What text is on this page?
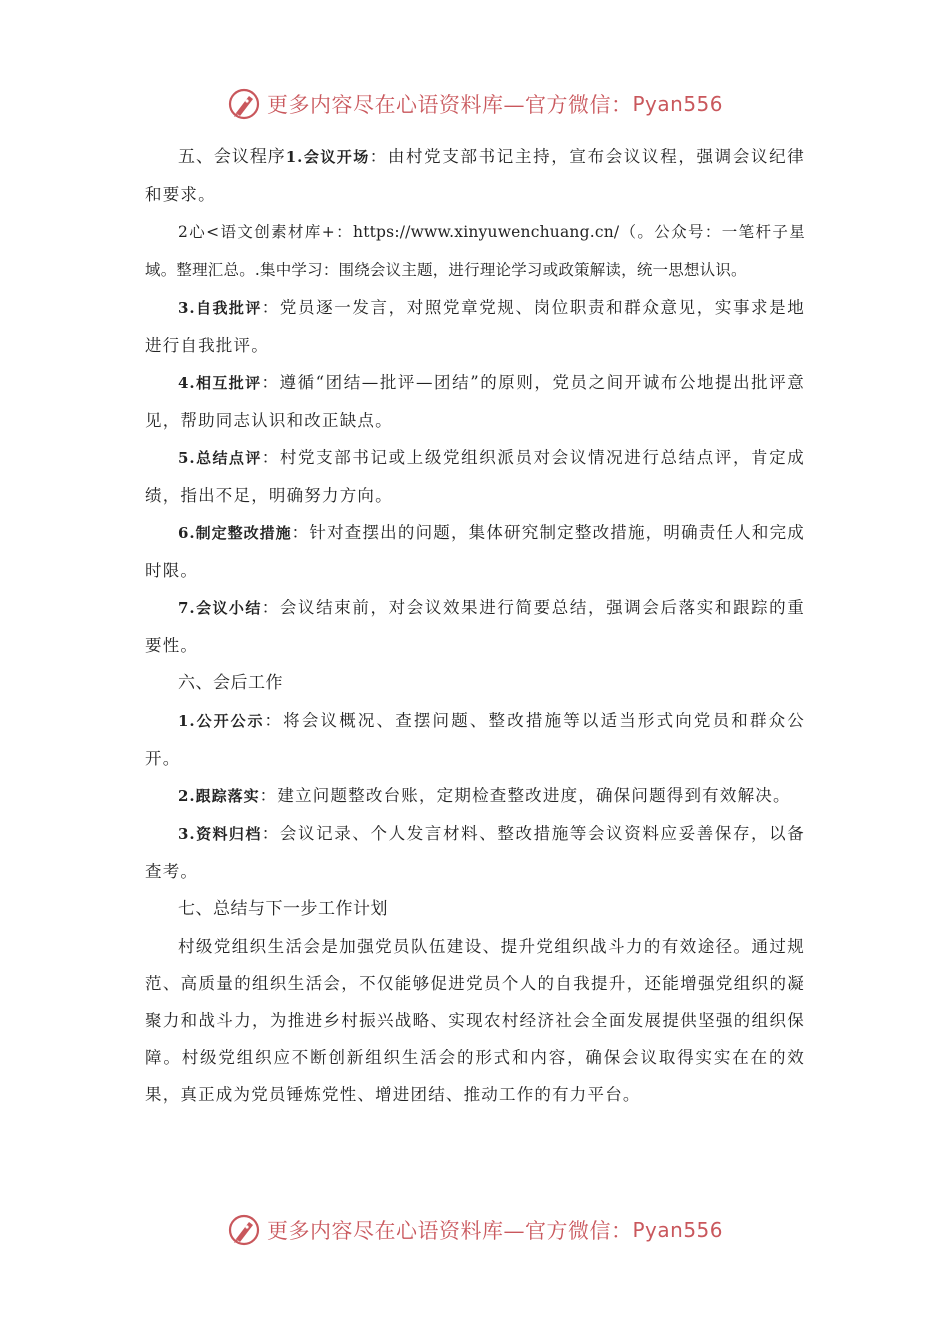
更多内容尽在心语资料库—官方微信： Pyan556

五、会议程序1.会议开场：由村党支部书记主持，宣布会议议程，强调会议纪律和要求。

2心<语文创素材库+：https://www.xinyuwenchuang.cn/（。公众号：一笔杆子星域。整理汇总。.集中学习：围绕会议主题，进行理论学习或政策解读，统一思想认识。

3.自我批评：党员逐一发言，对照党章党规、岗位职责和群众意见，实事求是地进行自我批评。

4.相互批评：遵循“团结—批评—团结”的原则，党员之间开诚布公地提出批评意见，帮助同志认识和改正缺点。

5.总结点评：村党支部书记或上级党组织派员对会议情况进行总结点评，肯定成绩，指出不足，明确努力方向。

6.制定整改措施：针对查摆出的问题，集体研究制定整改措施，明确责任人和完成时限。

7.会议小结：会议结束前，对会议效果进行简要总结，强调会后落实和跟踪的重要性。

六、会后工作

1.公开公示：将会议概况、查摆问题、整改措施等以适当形式向党员和群众公开。

2.跟踪落实：建立问题整改台账，定期检查整改进度，确保问题得到有效解决。

3.资料归档：会议记录、个人发言材料、整改措施等会议资料应妥善保存，以备查考。

七、总结与下一步工作计划

村级党组织生活会是加强党员队伍建设、提升党组织战斗力的有效途径。通过规范、高质量的组织生活会，不仅能够促进党员个人的自我提升，还能增强党组织的凝聚力和战斗力，为推进乡村振兴战略、实现农村经济社会全面发展提供坚强的组织保障。村级党组织应不断创新组织生活会的形式和内容，确保会议取得实实在在的效果，真正成为党员锤炼党性、增进团结、推动工作的有力平台。

更多内容尽在心语资料库—官方微信： Pyan556
